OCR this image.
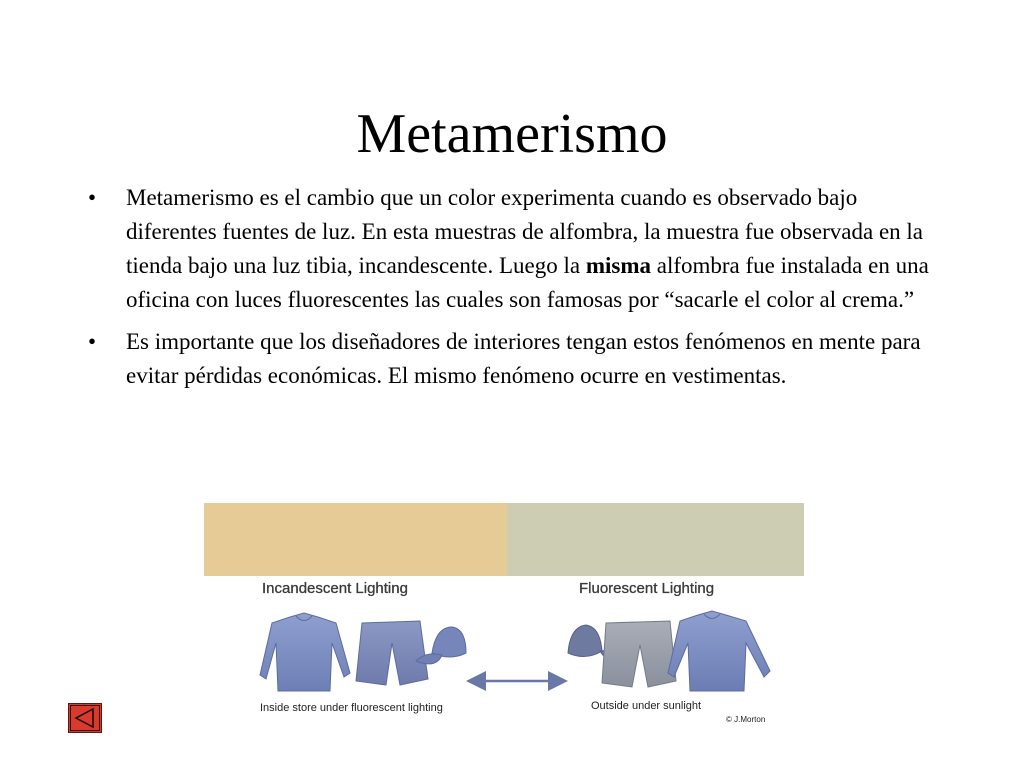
Metamerismo
• Metamerismo es el cambio que un color experimenta cuando es observado bajo diferentes fuentes de luz. En esta muestras de alfombra, la muestra fue observada en la tienda bajo una luz tibia, incandescente. Luego la misma alfombra fue instalada en una oficina con luces fluorescentes las cuales son famosas por “sacarle el color al crema.”
• Es importante que los diseñadores de interiores tengan estos fenómenos en mente para evitar pérdidas económicas. El mismo fenómeno ocurre en vestimentas.
Incandescent Lighting	Fluorescent Lighting
Inside store under fluorescent lighting	Outside under sunlight
© J.Morton
